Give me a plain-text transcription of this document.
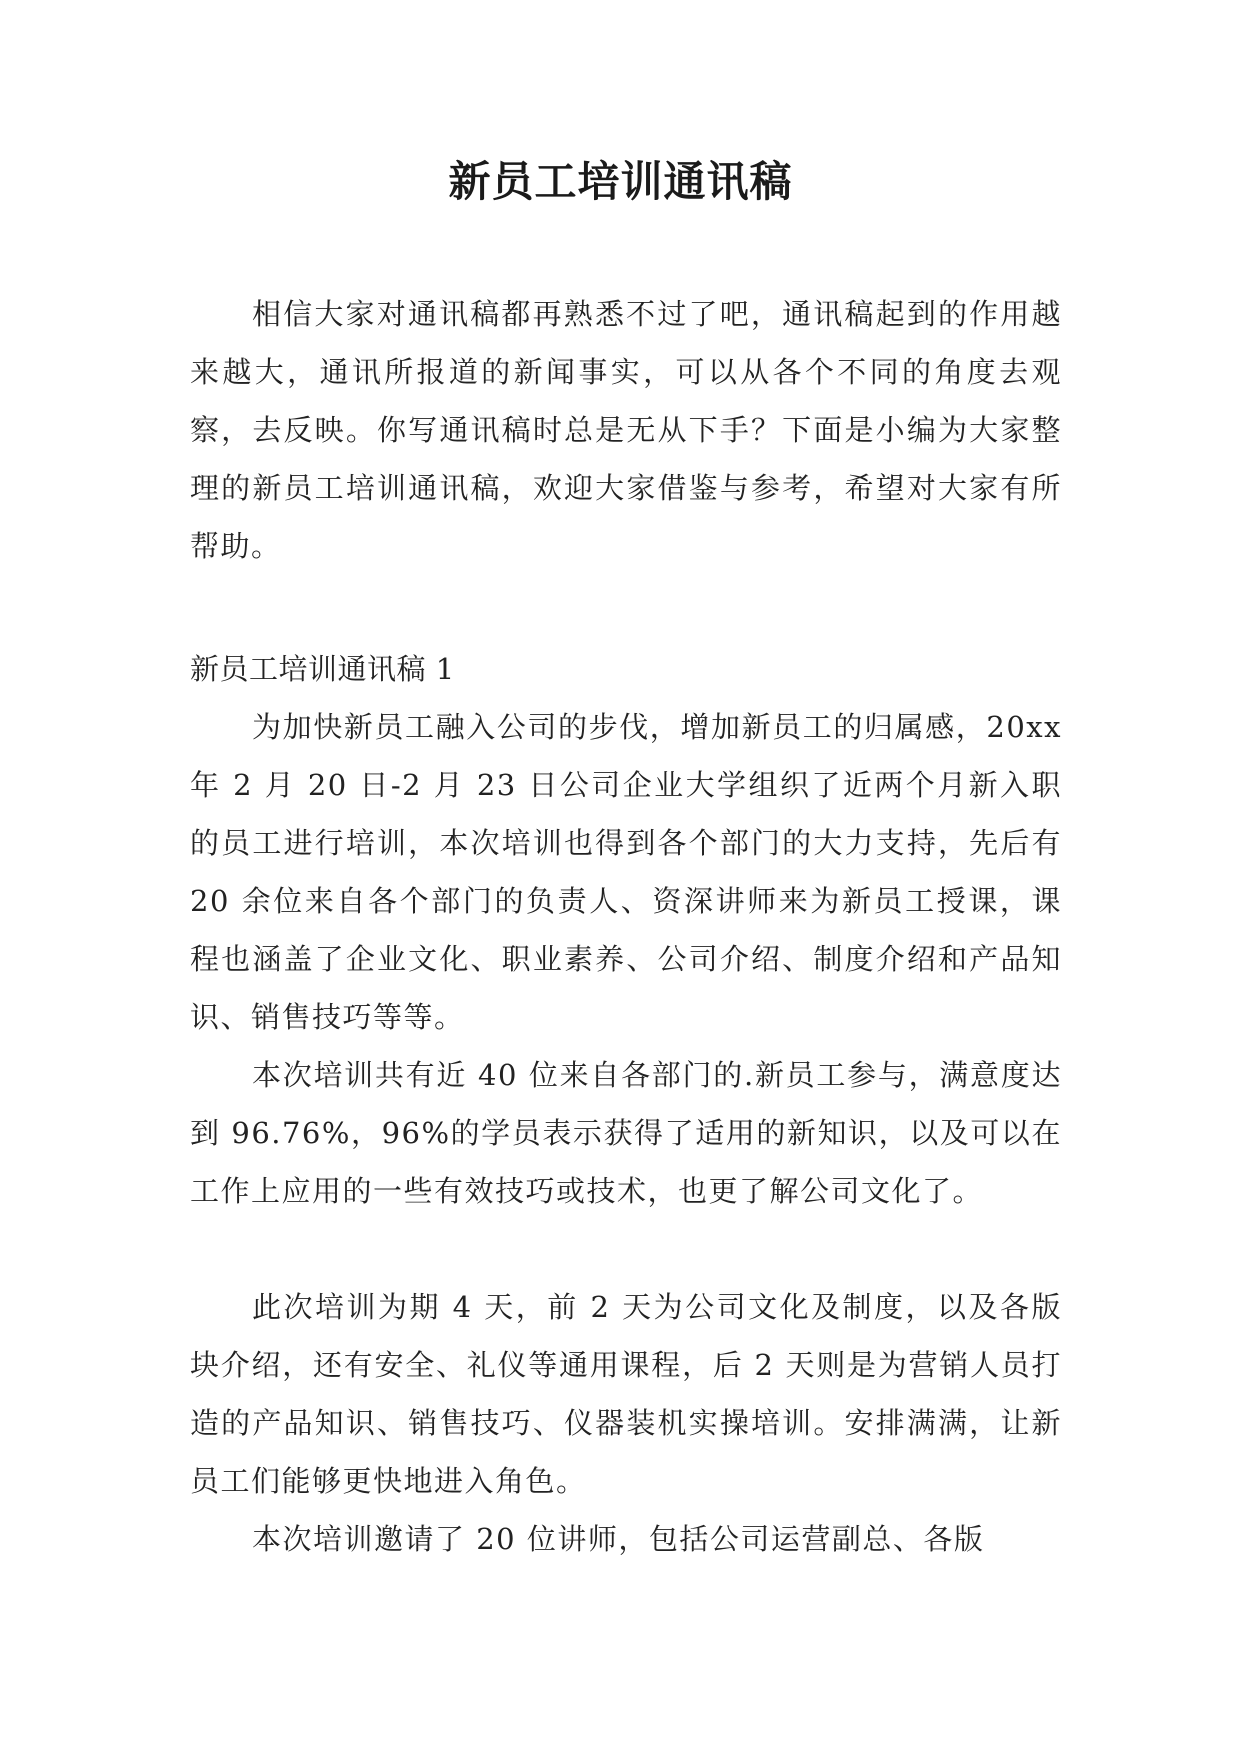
新员工培训通讯稿

相信大家对通讯稿都再熟悉不过了吧，通讯稿起到的作用越来越大，通讯所报道的新闻事实，可以从各个不同的角度去观察，去反映。你写通讯稿时总是无从下手？下面是小编为大家整理的新员工培训通讯稿，欢迎大家借鉴与参考，希望对大家有所帮助。

新员工培训通讯稿 1

为加快新员工融入公司的步伐，增加新员工的归属感，20xx 年 2 月 20 日-2 月 23 日公司企业大学组织了近两个月新入职的员工进行培训，本次培训也得到各个部门的大力支持，先后有 20 余位来自各个部门的负责人、资深讲师来为新员工授课，课程也涵盖了企业文化、职业素养、公司介绍、制度介绍和产品知识、销售技巧等等。

本次培训共有近 40 位来自各部门的.新员工参与，满意度达到 96.76%，96%的学员表示获得了适用的新知识，以及可以在工作上应用的一些有效技巧或技术，也更了解公司文化了。

此次培训为期 4 天，前 2 天为公司文化及制度，以及各版块介绍，还有安全、礼仪等通用课程，后 2 天则是为营销人员打造的产品知识、销售技巧、仪器装机实操培训。安排满满，让新员工们能够更快地进入角色。

本次培训邀请了 20 位讲师，包括公司运营副总、各版
